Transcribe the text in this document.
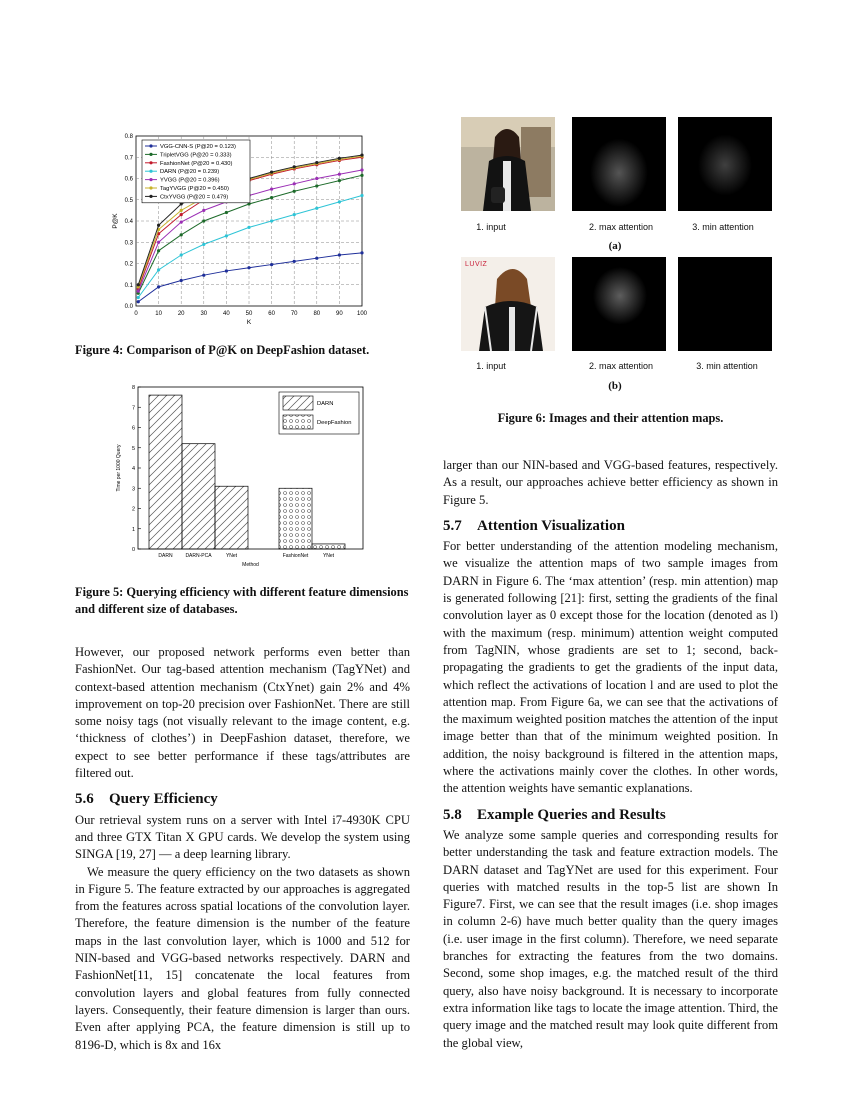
0	10	20	30	40	50	60	70	80	90 100
0.0
0.1
0.2
0.3
0.4
0.5
0.6
0.7
0.8
K
P@K
VGG-CNN-S (P@20 = 0.123)
TripletVGG (P@20 = 0.333)
FashionNet (P@20 = 0.430)
DARN (P@20 = 0.239)
YVGG (P@20 = 0.396)
TagYVGG (P@20 = 0.450)
CtxYVGG (P@20 = 0.479)
Figure 4: Comparison of P@K on DeepFashion dataset.
0
1
2
3
4
5
6
7
8
Time per 1000 Query
Method
DARN	DARN-PCA	YNet	FashionNet	YNet
DARN
DeepFashion
Figure 5: Querying efficiency with different feature dimensions and different size of databases.

However, our proposed network performs even better than FashionNet. Our tag-based attention mechanism (TagYNet) and context-based attention mechanism (CtxYnet) gain 2% and 4% improvement on top-20 precision over FashionNet. There are still some noisy tags (not visually relevant to the image content, e.g. ‘thickness of clothes’) in DeepFashion dataset, therefore, we expect to see better performance if these tags/attributes are filtered out.

5.6 Query Efficiency

Our retrieval system runs on a server with Intel i7-4930K CPU and three GTX Titan X GPU cards. We develop the system using SINGA [19, 27] — a deep learning library.

We measure the query efficiency on the two datasets as shown in Figure 5. The feature extracted by our approaches is aggregated from the features across spatial locations of the convolution layer. Therefore, the feature dimension is the number of the feature maps in the last convolution layer, which is 1000 and 512 for NIN-based and VGG-based networks respectively. DARN and FashionNet[11, 15] concatenate the local features from convolution layers and global features from fully connected layers. Consequently, their feature dimension is larger than ours. Even after applying PCA, the feature dimension is still up to 8196-D, which is 8x and 16x

1. input	2. max attention	3. min attention
(a)
LUVIZ
1. input	2. max attention	3. min attention
(b)
Figure 6: Images and their attention maps.

larger than our NIN-based and VGG-based features, respectively. As a result, our approaches achieve better efficiency as shown in Figure 5.

5.7 Attention Visualization

For better understanding of the attention modeling mechanism, we visualize the attention maps of two sample images from DARN in Figure 6. The ‘max attention’ (resp. min attention) map is generated following [21]: first, setting the gradients of the final convolution layer as 0 except those for the location (denoted as l) with the maximum (resp. minimum) attention weight computed from TagNIN, whose gradients are set to 1; second, back-propagating the gradients to get the gradients of the input data, which reflect the activations of location l and are used to plot the attention map. From Figure 6a, we can see that the activations of the maximum weighted position matches the attention of the input image better than that of the minimum weighted position. In addition, the noisy background is filtered in the attention maps, where the activations mainly cover the clothes. In other words, the attention weights have semantic explanations.

5.8 Example Queries and Results

We analyze some sample queries and corresponding results for better understanding the task and feature extraction models. The DARN dataset and TagYNet are used for this experiment. Four queries with matched results in the top-5 list are shown In Figure7. First, we can see that the result images (i.e. shop images in column 2-6) have much better quality than the query images (i.e. user image in the first column). Therefore, we need separate branches for extracting the features from the two domains. Second, some shop images, e.g. the matched result of the third query, also have noisy background. It is necessary to incorporate extra information like tags to locate the image attention. Third, the query image and the matched result may look quite different from the global view,
